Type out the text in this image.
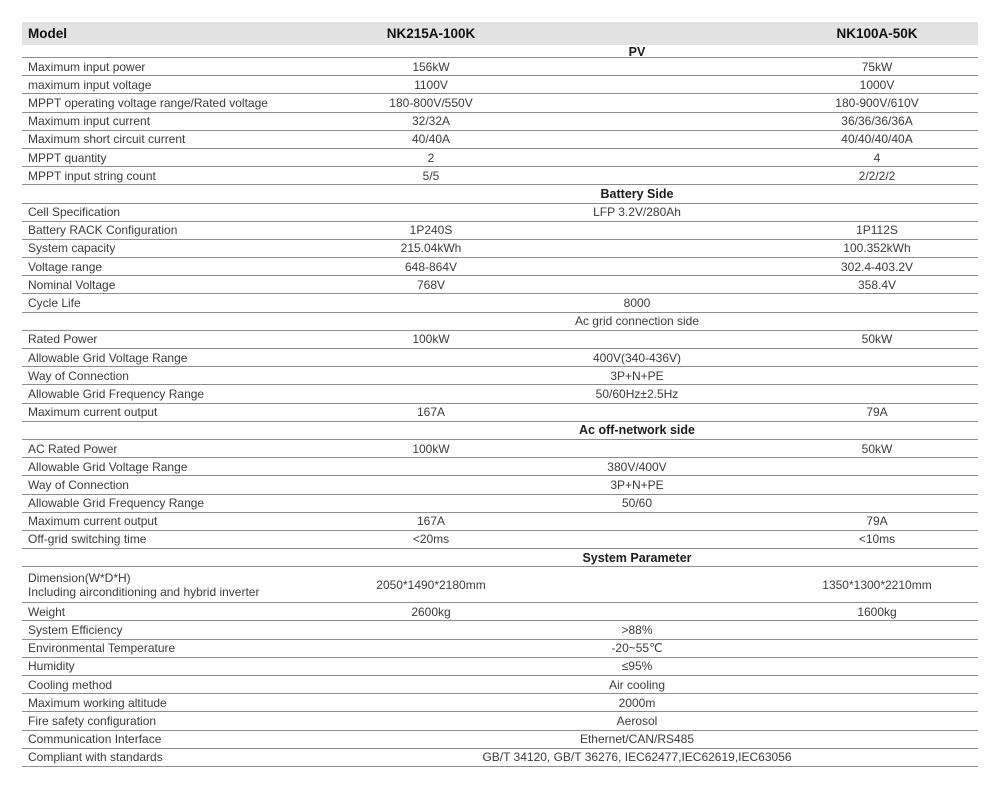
Model	NK215A-100K	NK100A-50K
PV
Maximum input power	156kW	75kW
maximum input voltage	1100V	1000V
MPPT operating voltage range/Rated voltage	180-800V/550V	180-900V/610V
Maximum input current	32/32A	36/36/36/36A
Maximum short circuit current	40/40A	40/40/40/40A
MPPT quantity	2	4
MPPT input string count	5/5	2/2/2/2
Battery Side
Cell Specification	LFP 3.2V/280Ah
Battery RACK Configuration	1P240S	1P112S
System capacity	215.04kWh	100.352kWh
Voltage range	648-864V	302.4-403.2V
Nominal Voltage	768V	358.4V
Cycle Life	8000
Ac grid connection side
Rated Power	100kW	50kW
Allowable Grid Voltage Range	400V(340-436V)
Way of Connection	3P+N+PE
Allowable Grid Frequency Range	50/60Hz±2.5Hz
Maximum current output	167A	79A
Ac off-network side
AC Rated Power	100kW	50kW
Allowable Grid Voltage Range	380V/400V
Way of Connection	3P+N+PE
Allowable Grid Frequency Range	50/60
Maximum current output	167A	79A
Off-grid switching time	<20ms	<10ms
System Parameter
Dimension(W*D*H)
Including airconditioning and hybrid inverter	2050*1490*2180mm	1350*1300*2210mm
Weight	2600kg	1600kg
System Efficiency	>88%
Environmental Temperature	-20~55℃
Humidity	≤95%
Cooling method	Air cooling
Maximum working altitude	2000m
Fire safety configuration	Aerosol
Communication Interface	Ethernet/CAN/RS485
Compliant with standards	GB/T 34120, GB/T 36276, IEC62477,IEC62619,IEC63056
